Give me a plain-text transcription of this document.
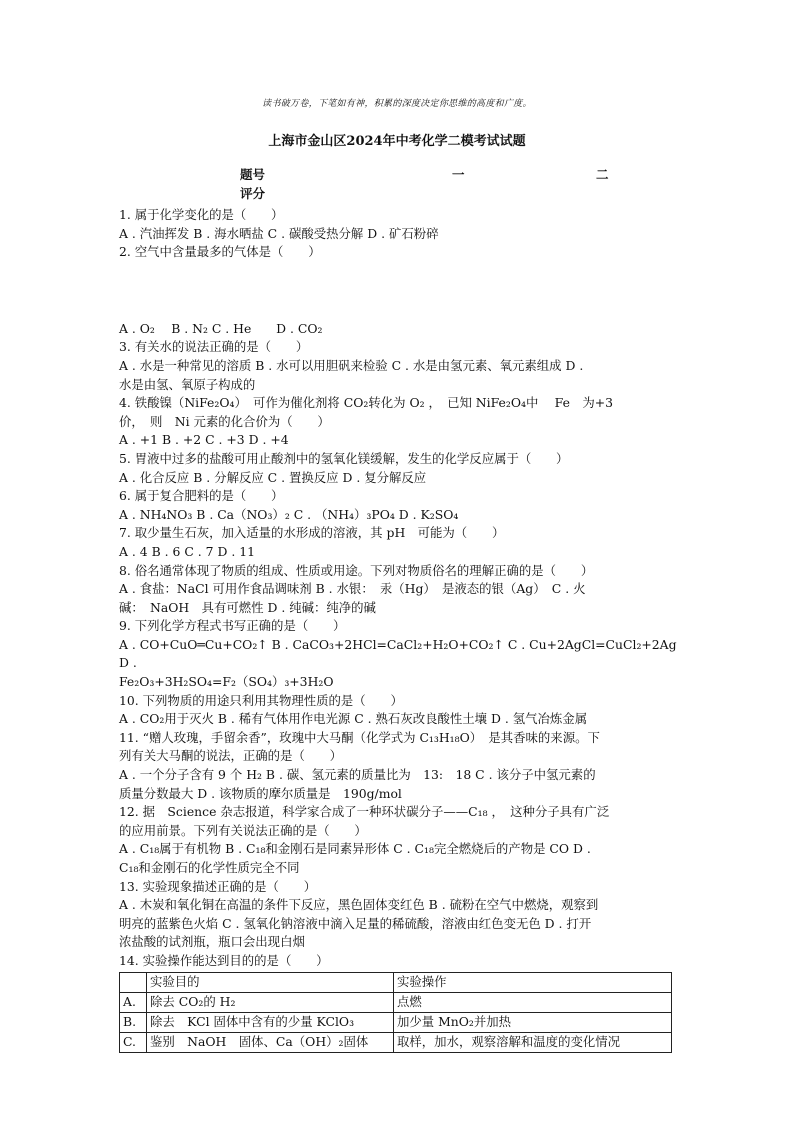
读书破万卷，下笔如有神，积累的深度决定你思维的高度和广度。
上海市金山区2024年中考化学二模考试试题
题号	一	二
评分

1. 属于化学变化的是（　　）

A . 汽油挥发 B . 海水晒盐 C . 碳酸受热分解 D . 矿石粉碎

2. 空气中含量最多的气体是（　　）

A . O₂　 B . N₂ C . He　　D . CO₂

3. 有关水的说法正确的是（　　）

A . 水是一种常见的溶质 B . 水可以用胆矾来检验 C . 水是由氢元素、氧元素组成 D .

水是由氢、氧原子构成的

4. 铁酸镍（NiFe₂O₄）　可作为催化剂将 CO₂转化为 O₂ ，　已知 NiFe₂O₄中　 Fe　为+3

价，　则　Ni 元素的化合价为（　　）

A . +1 B . +2 C . +3 D . +4

5. 胃液中过多的盐酸可用止酸剂中的氢氧化镁缓解，发生的化学反应属于（　　）

A . 化合反应 B . 分解反应 C . 置换反应 D . 复分解反应

6. 属于复合肥料的是（　　）

A . NH₄NO₃ B . Ca（NO₃）₂ C . （NH₄）₃PO₄ D . K₂SO₄

7. 取少量生石灰，加入适量的水形成的溶液，其 pH　可能为（　　）

A . 4 B . 6 C . 7 D . 11

8. 俗名通常体现了物质的组成、性质或用途。下列对物质俗名的理解正确的是（　　）

A . 食盐：NaCl 可用作食品调味剂 B . 水银：　汞（Hg）　是液态的银（Ag）　C . 火

碱：　NaOH　具有可燃性 D . 纯碱：纯净的碱

9. 下列化学方程式书写正确的是（　　）

A . CO+CuO═Cu+CO₂↑ B . CaCO₃+2HCl=CaCl₂+H₂O+CO₂↑ C . Cu+2AgCl=CuCl₂+2Ag D .

Fe₂O₃+3H₂SO₄=F₂（SO₄）₃+3H₂O

10. 下列物质的用途只利用其物理性质的是（　　）

A . CO₂用于灭火 B . 稀有气体用作电光源 C . 熟石灰改良酸性土壤 D . 氢气冶炼金属

11. “赠人玫瑰，手留余香”，玫瑰中大马酮（化学式为 C₁₃H₁₈O）　是其香味的来源。下

列有关大马酮的说法，正确的是（　　）

A . 一个分子含有 9 个 H₂ B . 碳、氢元素的质量比为　13:　18 C . 该分子中氢元素的

质量分数最大 D . 该物质的摩尔质量是　190g/mol

12. 据　Science 杂志报道，科学家合成了一种环状碳分子——C₁₈ ，　这种分子具有广泛

的应用前景。下列有关说法正确的是（　　）

A . C₁₈属于有机物 B . C₁₈和金刚石是同素异形体 C . C₁₈完全燃烧后的产物是 CO D .

C₁₈和金刚石的化学性质完全不同

13. 实验现象描述正确的是（　　）

A . 木炭和氧化铜在高温的条件下反应，黑色固体变红色 B . 硫粉在空气中燃烧，观察到

明亮的蓝紫色火焰 C . 氢氧化钠溶液中滴入足量的稀硫酸，溶液由红色变无色 D . 打开

浓盐酸的试剂瓶，瓶口会出现白烟

14. 实验操作能达到目的的是（　　）

	实验目的	实验操作
A.	除去 CO₂的 H₂	点燃
B.	除去　KCl 固体中含有的少量 KClO₃	加少量 MnO₂并加热
C.	鉴别　NaOH　固体、Ca（OH）₂固体	取样，加水，观察溶解和温度的变化情况
